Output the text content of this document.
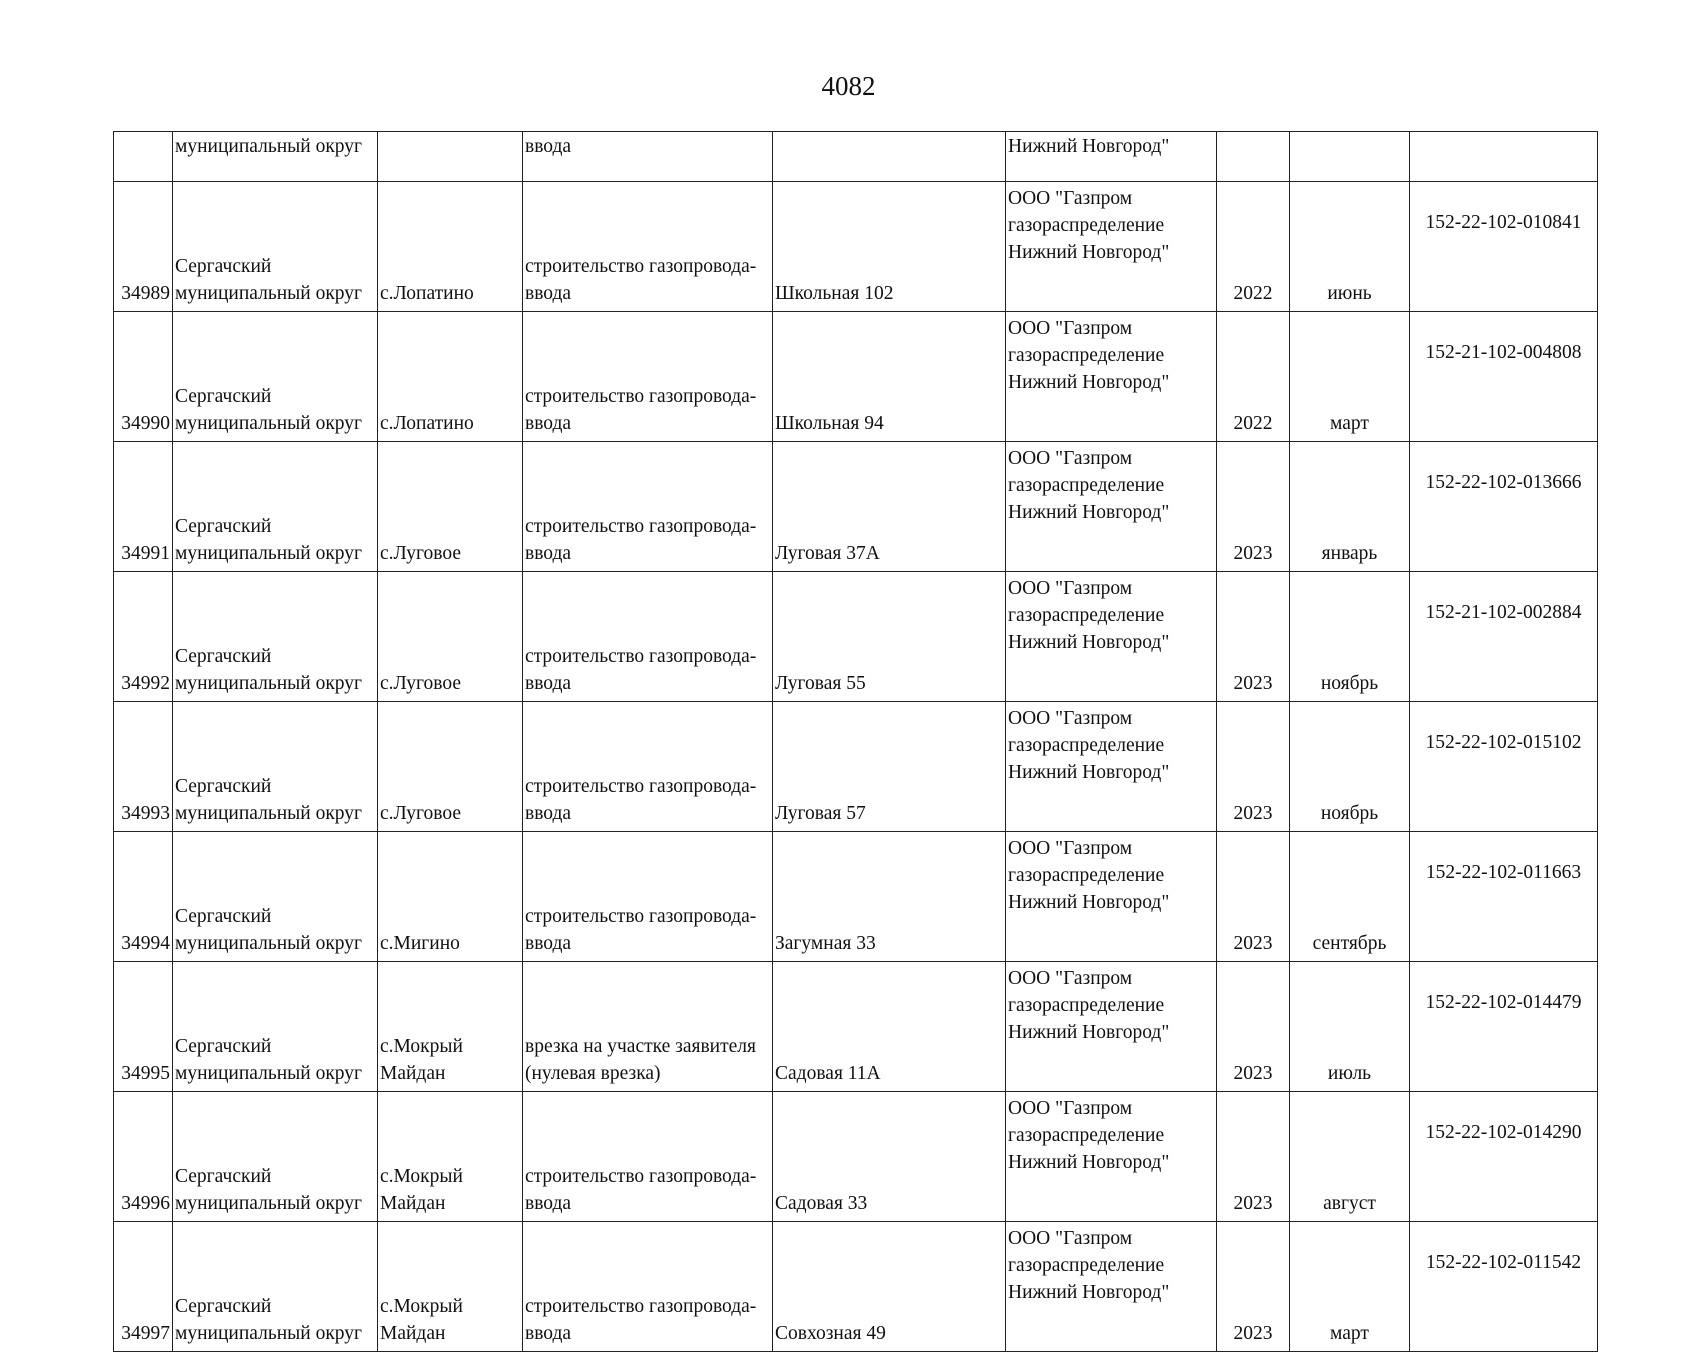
4082
	муниципальный округ		ввода		Нижний Новгород"			

34989	Сергачский
муниципальный округ	с.Лопатино	строительство газопровода-
ввода	Школьная 102	ООО "Газпром
газораспределение
Нижний Новгород"	2022	июнь	152-22-102-010841

34990	Сергачский
муниципальный округ	с.Лопатино	строительство газопровода-
ввода	Школьная 94	ООО "Газпром
газораспределение
Нижний Новгород"	2022	март	152-21-102-004808

34991	Сергачский
муниципальный округ	с.Луговое	строительство газопровода-
ввода	Луговая 37А	ООО "Газпром
газораспределение
Нижний Новгород"	2023	январь	152-22-102-013666

34992	Сергачский
муниципальный округ	с.Луговое	строительство газопровода-
ввода	Луговая 55	ООО "Газпром
газораспределение
Нижний Новгород"	2023	ноябрь	152-21-102-002884

34993	Сергачский
муниципальный округ	с.Луговое	строительство газопровода-
ввода	Луговая 57	ООО "Газпром
газораспределение
Нижний Новгород"	2023	ноябрь	152-22-102-015102

34994	Сергачский
муниципальный округ	с.Мигино	строительство газопровода-
ввода	Загумная 33	ООО "Газпром
газораспределение
Нижний Новгород"	2023	сентябрь	152-22-102-011663

34995	Сергачский
муниципальный округ	с.Мокрый
Майдан	врезка на участке заявителя
(нулевая врезка)	Садовая 11А	ООО "Газпром
газораспределение
Нижний Новгород"	2023	июль	152-22-102-014479

34996	Сергачский
муниципальный округ	с.Мокрый
Майдан	строительство газопровода-
ввода	Садовая 33	ООО "Газпром
газораспределение
Нижний Новгород"	2023	август	152-22-102-014290

34997	Сергачский
муниципальный округ	с.Мокрый
Майдан	строительство газопровода-
ввода	Совхозная 49	ООО "Газпром
газораспределение
Нижний Новгород"	2023	март	152-22-102-011542
